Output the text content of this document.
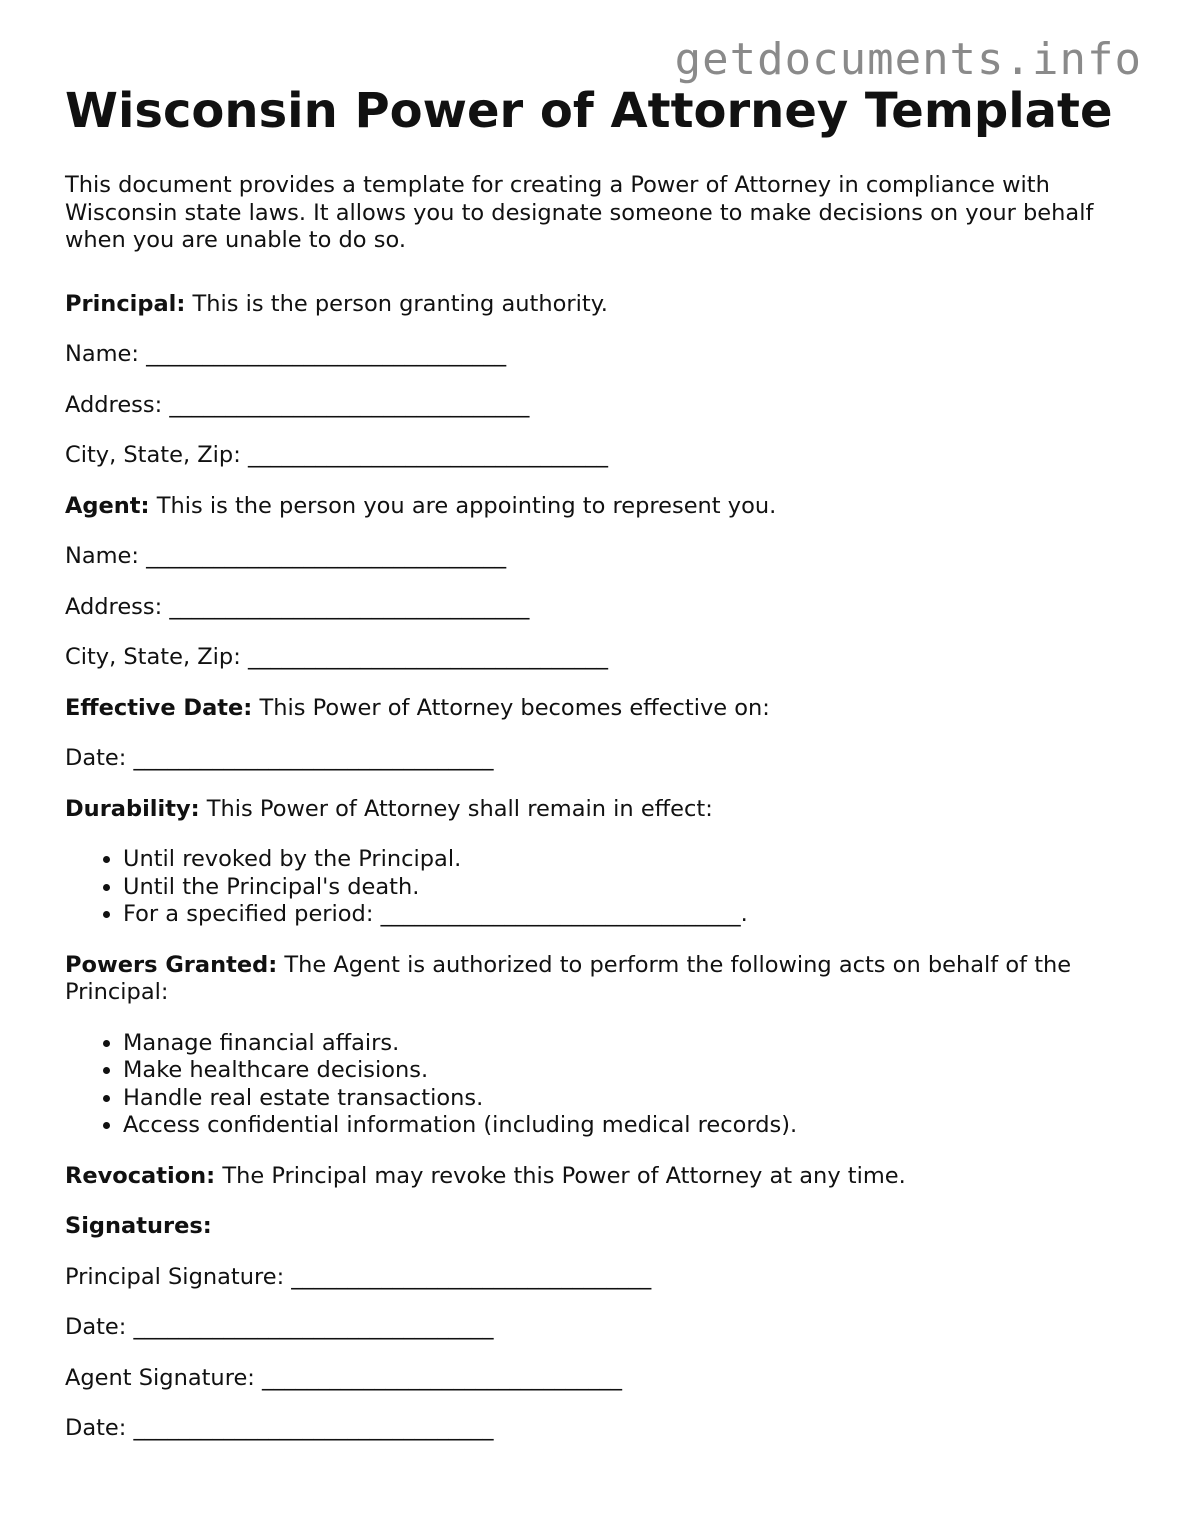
getdocuments.info
Wisconsin Power of Attorney Template

This document provides a template for creating a Power of Attorney in compliance with Wisconsin state laws. It allows you to designate someone to make decisions on your behalf when you are unable to do so.

Principal: This is the person granting authority.

Name: ________________________________

Address: ________________________________

City, State, Zip: ________________________________

Agent: This is the person you are appointing to represent you.

Name: ________________________________

Address: ________________________________

City, State, Zip: ________________________________

Effective Date: This Power of Attorney becomes effective on:

Date: ________________________________

Durability: This Power of Attorney shall remain in effect:

• Until revoked by the Principal.
• Until the Principal's death.
• For a specified period: ________________________________.

Powers Granted: The Agent is authorized to perform the following acts on behalf of the Principal:

• Manage financial affairs.
• Make healthcare decisions.
• Handle real estate transactions.
• Access confidential information (including medical records).

Revocation: The Principal may revoke this Power of Attorney at any time.

Signatures:

Principal Signature: ________________________________

Date: ________________________________

Agent Signature: ________________________________

Date: ________________________________
